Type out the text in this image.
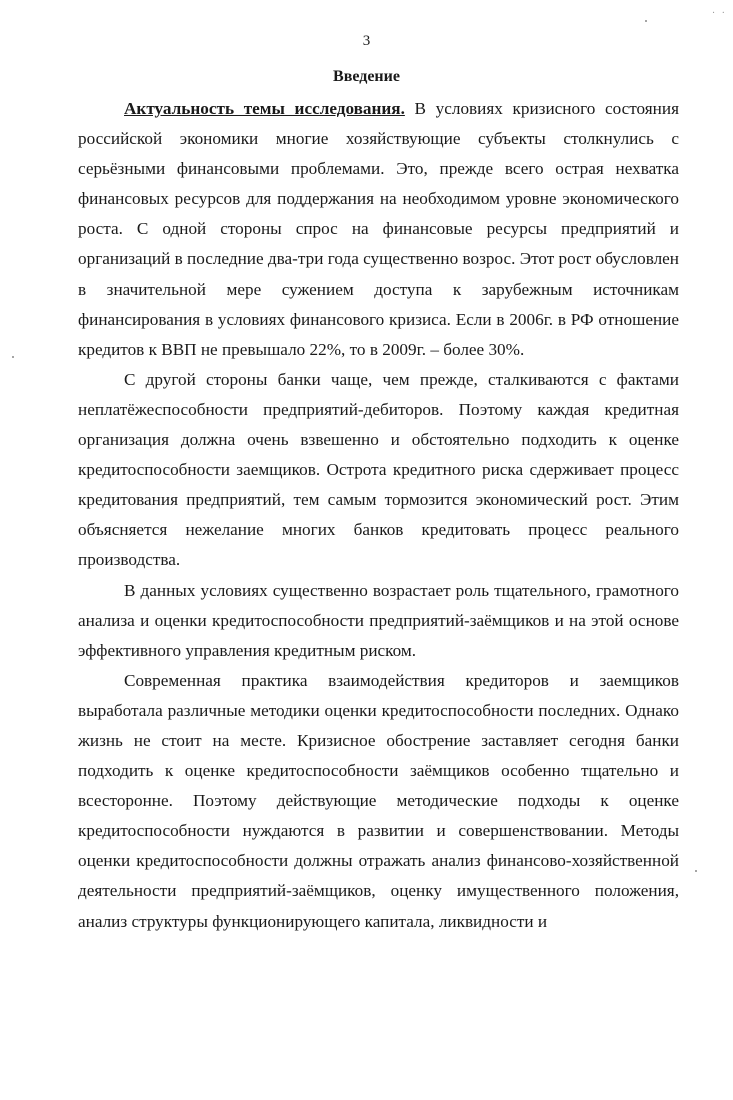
· ·
3
Введение

Актуальность темы исследования. В условиях кризисного состояния российской экономики многие хозяйствующие субъекты столкнулись с серьёзными финансовыми проблемами. Это, прежде всего острая нехватка финансовых ресурсов для поддержания на необходимом уровне экономического роста. С одной стороны спрос на финансовые ресурсы предприятий и организаций в последние два-три года существенно возрос. Этот рост обусловлен в значительной мере сужением доступа к зарубежным источникам финансирования в условиях финансового кризиса. Если в 2006г. в РФ отношение кредитов к ВВП не превышало 22%, то в 2009г. – более 30%.

С другой стороны банки чаще, чем прежде, сталкиваются с фактами неплатёжеспособности предприятий-дебиторов. Поэтому каждая кредитная организация должна очень взвешенно и обстоятельно подходить к оценке кредитоспособности заемщиков. Острота кредитного риска сдерживает процесс кредитования предприятий, тем самым тормозится экономический рост. Этим объясняется нежелание многих банков кредитовать процесс реального производства.

В данных условиях существенно возрастает роль тщательного, грамотного анализа и оценки кредитоспособности предприятий-заёмщиков и на этой основе эффективного управления кредитным риском.

Современная практика взаимодействия кредиторов и заемщиков выработала различные методики оценки кредитоспособности последних. Однако жизнь не стоит на месте. Кризисное обострение заставляет сегодня банки подходить к оценке кредитоспособности заёмщиков особенно тщательно и всесторонне. Поэтому действующие методические подходы к оценке кредитоспособности нуждаются в развитии и совершенствовании. Методы оценки кредитоспособности должны отражать анализ финансово-хозяйственной деятельности предприятий-заёмщиков, оценку имущественного положения, анализ структуры функционирующего капитала, ликвидности и
